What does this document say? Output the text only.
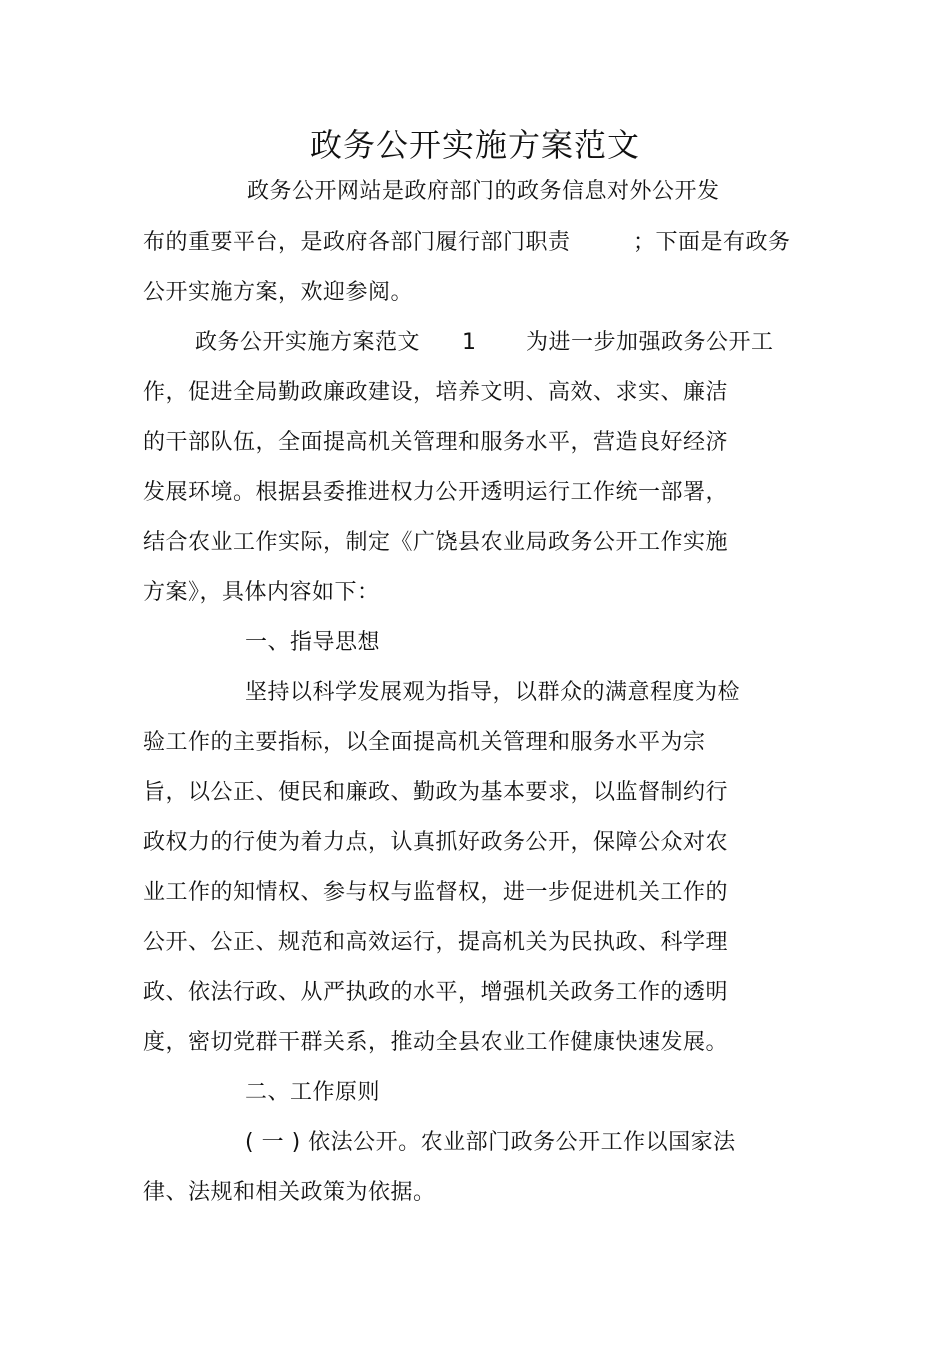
政务公开实施方案范文
政务公开网站是政府部门的政务信息对外公开发
布的重要平台，是政府各部门履行部门职责	；下面是有政务
公开实施方案，欢迎参阅。
政务公开实施方案范文 1 为进一步加强政务公开工
作，促进全局勤政廉政建设，培养文明、高效、求实、廉洁
的干部队伍，全面提高机关管理和服务水平，营造良好经济
发展环境。根据县委推进权力公开透明运行工作统一部署，
结合农业工作实际，制定《广饶县农业局政务公开工作实施
方案》，具体内容如下：
一、指导思想
坚持以科学发展观为指导，以群众的满意程度为检
验工作的主要指标，以全面提高机关管理和服务水平为宗
旨，以公正、便民和廉政、勤政为基本要求，以监督制约行
政权力的行使为着力点，认真抓好政务公开，保障公众对农
业工作的知情权、参与权与监督权，进一步促进机关工作的
公开、公正、规范和高效运行，提高机关为民执政、科学理
政、依法行政、从严执政的水平，增强机关政务工作的透明
度，密切党群干群关系，推动全县农业工作健康快速发展。
二、工作原则
( 一 ) 依法公开。农业部门政务公开工作以国家法
律、法规和相关政策为依据。
